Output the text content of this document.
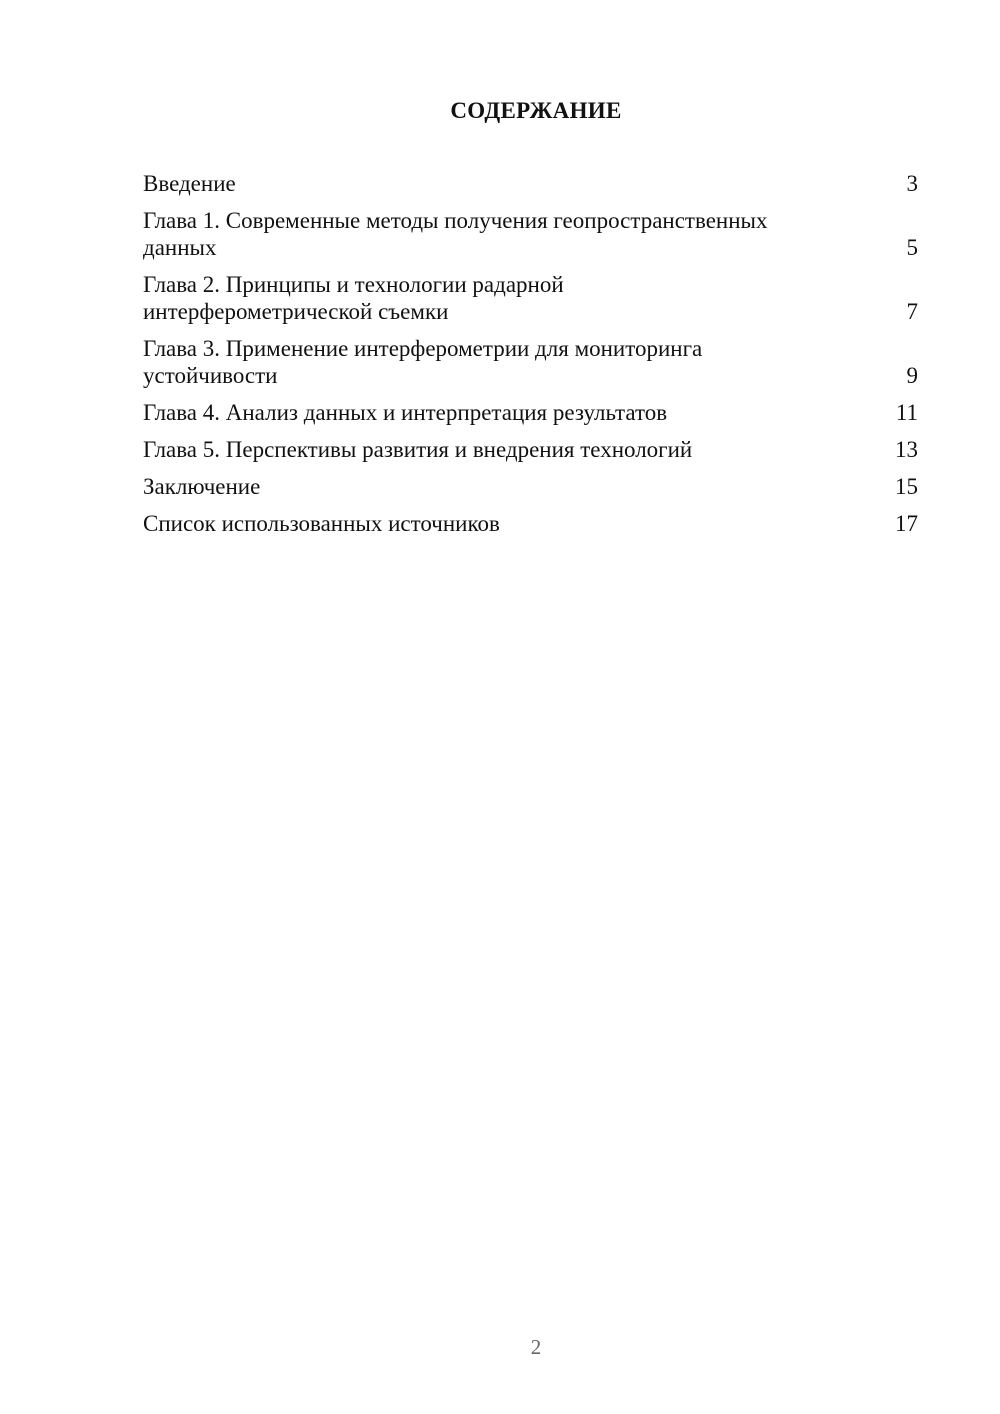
СОДЕРЖАНИЕ
Введение	3
Глава 1. Современные методы получения геопространственных
данных	5
Глава 2. Принципы и технологии радарной
интерферометрической съемки	7
Глава 3. Применение интерферометрии для мониторинга
устойчивости	9
Глава 4. Анализ данных и интерпретация результатов	11
Глава 5. Перспективы развития и внедрения технологий	13
Заключение	15
Список использованных источников	17
2
